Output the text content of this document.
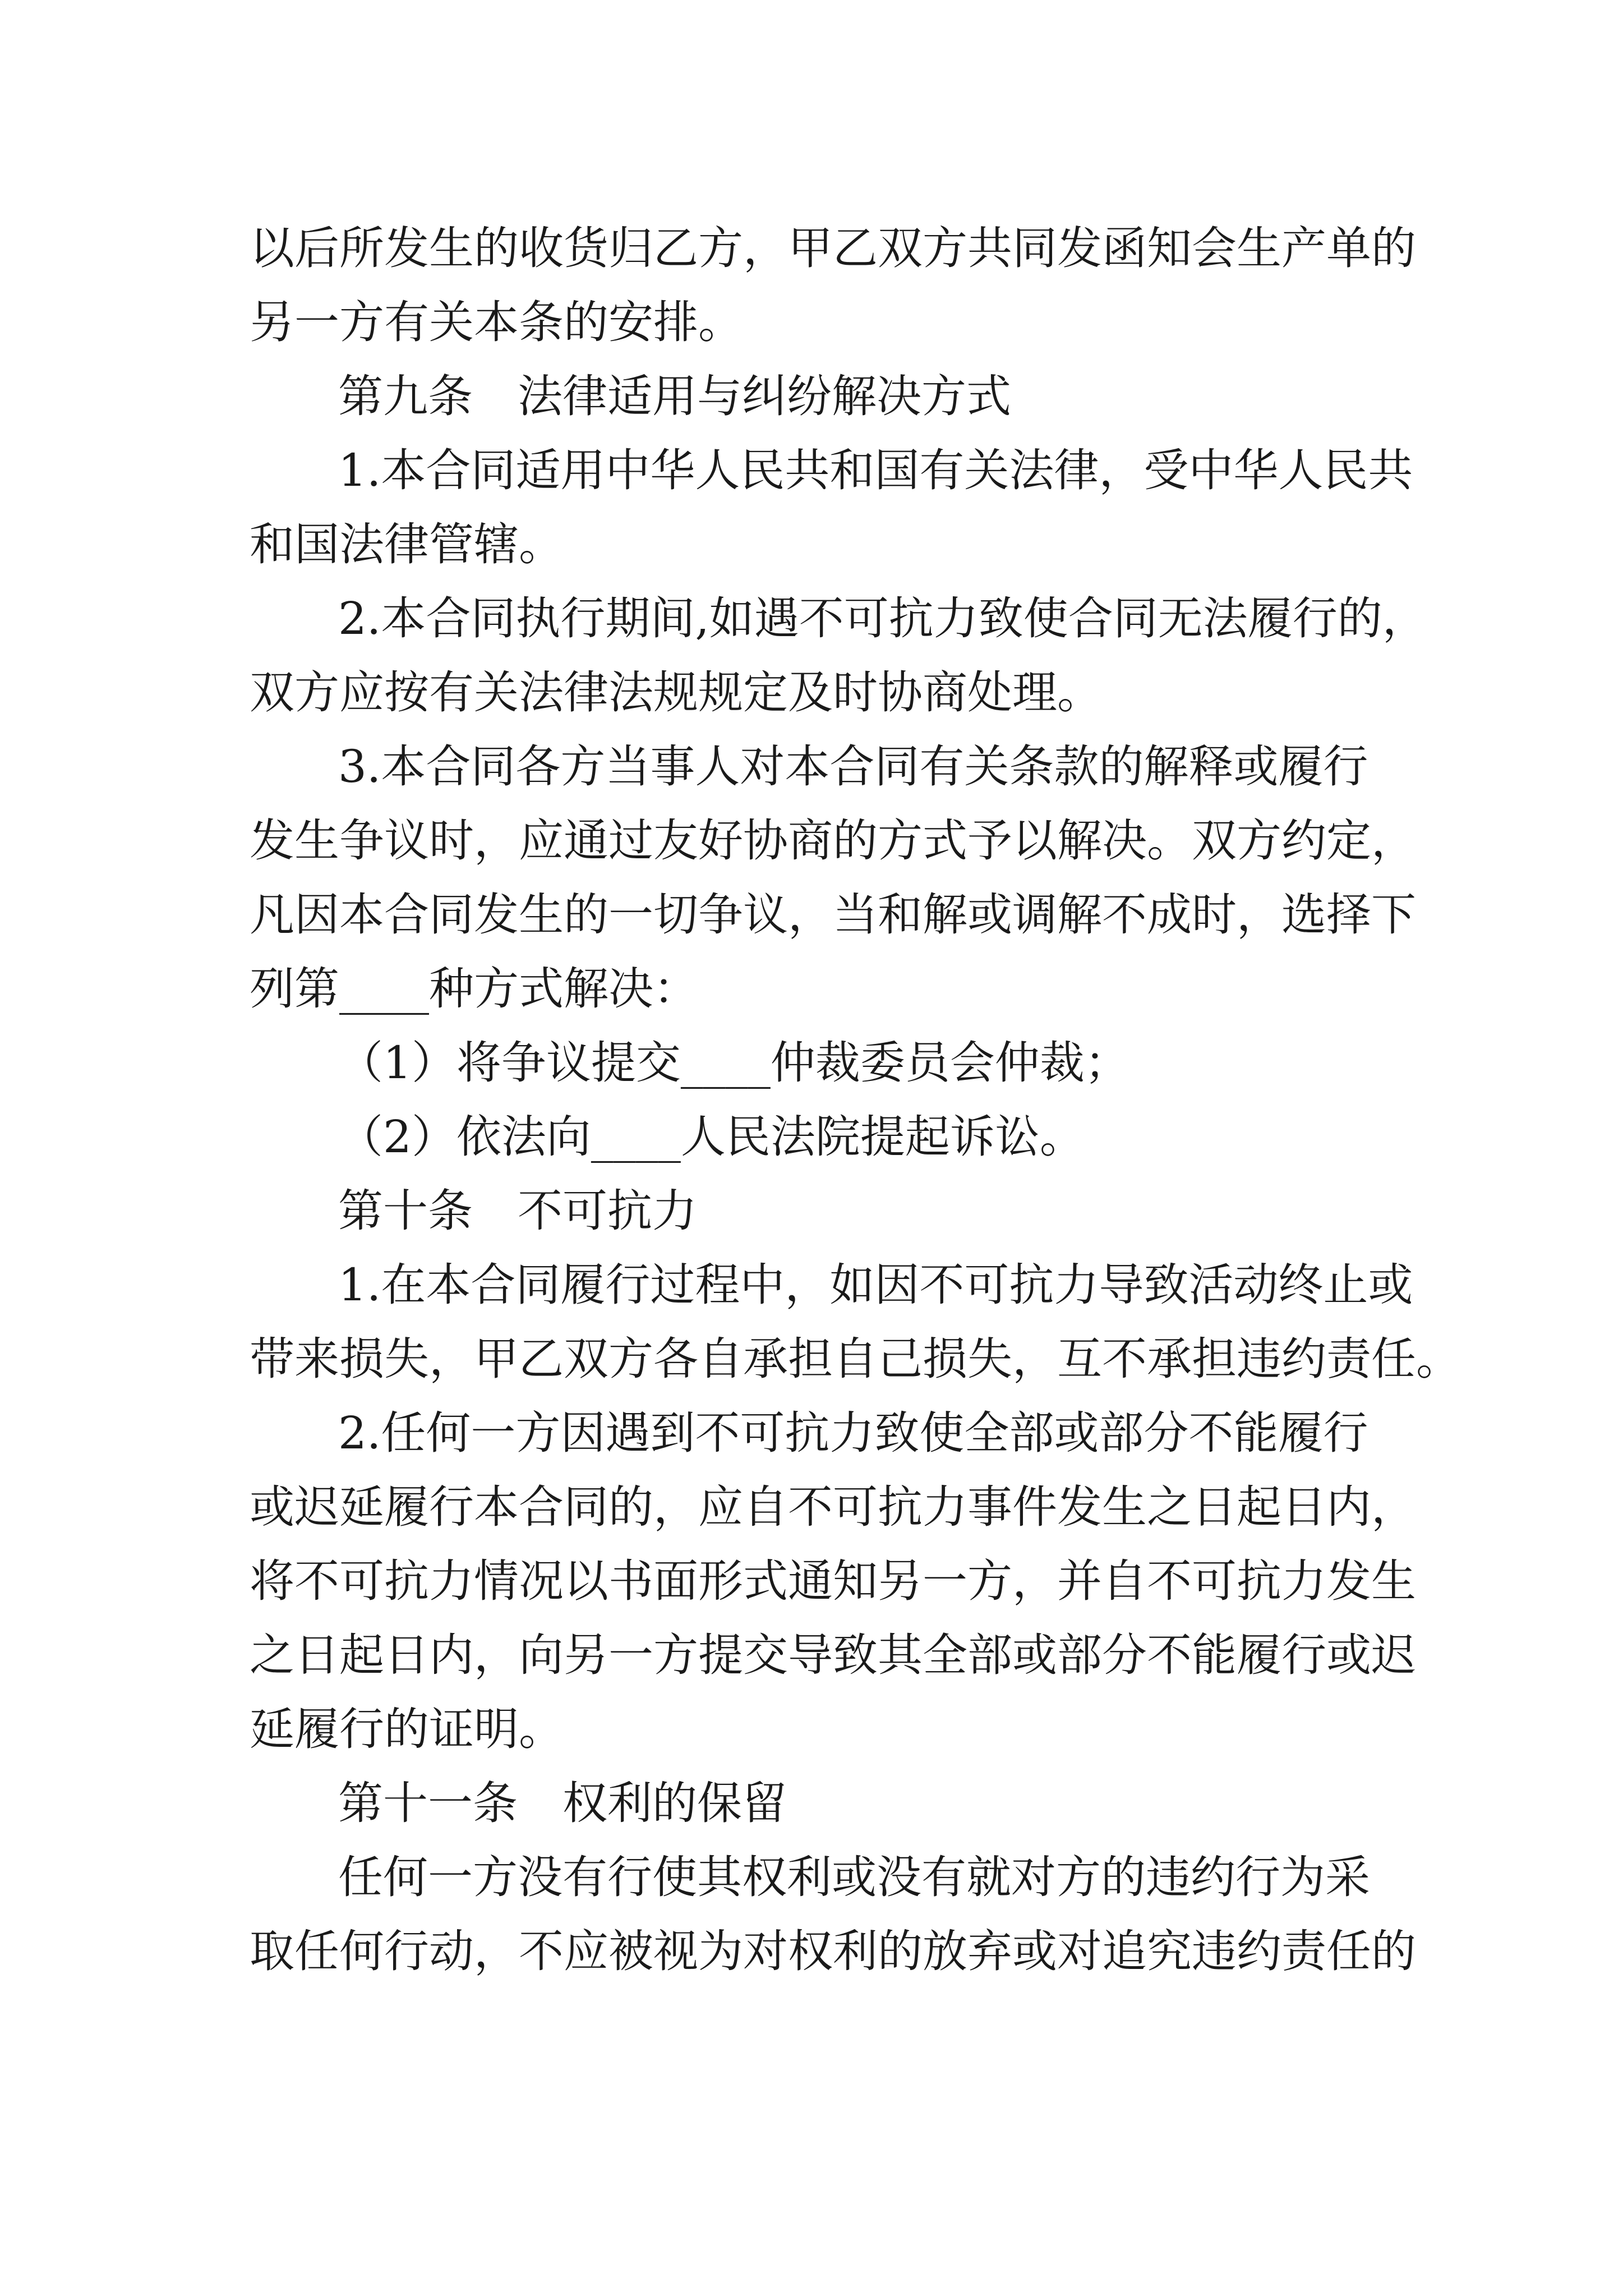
以后所发生的收货归乙方，甲乙双方共同发函知会生产单的
另一方有关本条的安排。
第九条　法律适用与纠纷解决方式
1.本合同适用中华人民共和国有关法律，受中华人民共
和国法律管辖。
2.本合同执行期间,如遇不可抗力致使合同无法履行的，
双方应按有关法律法规规定及时协商处理。
3.本合同各方当事人对本合同有关条款的解释或履行
发生争议时，应通过友好协商的方式予以解决。双方约定，
凡因本合同发生的一切争议，当和解或调解不成时，选择下
列第____种方式解决：
（1）将争议提交____仲裁委员会仲裁；
（2）依法向____人民法院提起诉讼。
第十条　不可抗力
1.在本合同履行过程中，如因不可抗力导致活动终止或
带来损失，甲乙双方各自承担自己损失，互不承担违约责任。
2.任何一方因遇到不可抗力致使全部或部分不能履行
或迟延履行本合同的，应自不可抗力事件发生之日起日内，
将不可抗力情况以书面形式通知另一方，并自不可抗力发生
之日起日内，向另一方提交导致其全部或部分不能履行或迟
延履行的证明。
第十一条　权利的保留
任何一方没有行使其权利或没有就对方的违约行为采
取任何行动，不应被视为对权利的放弃或对追究违约责任的
